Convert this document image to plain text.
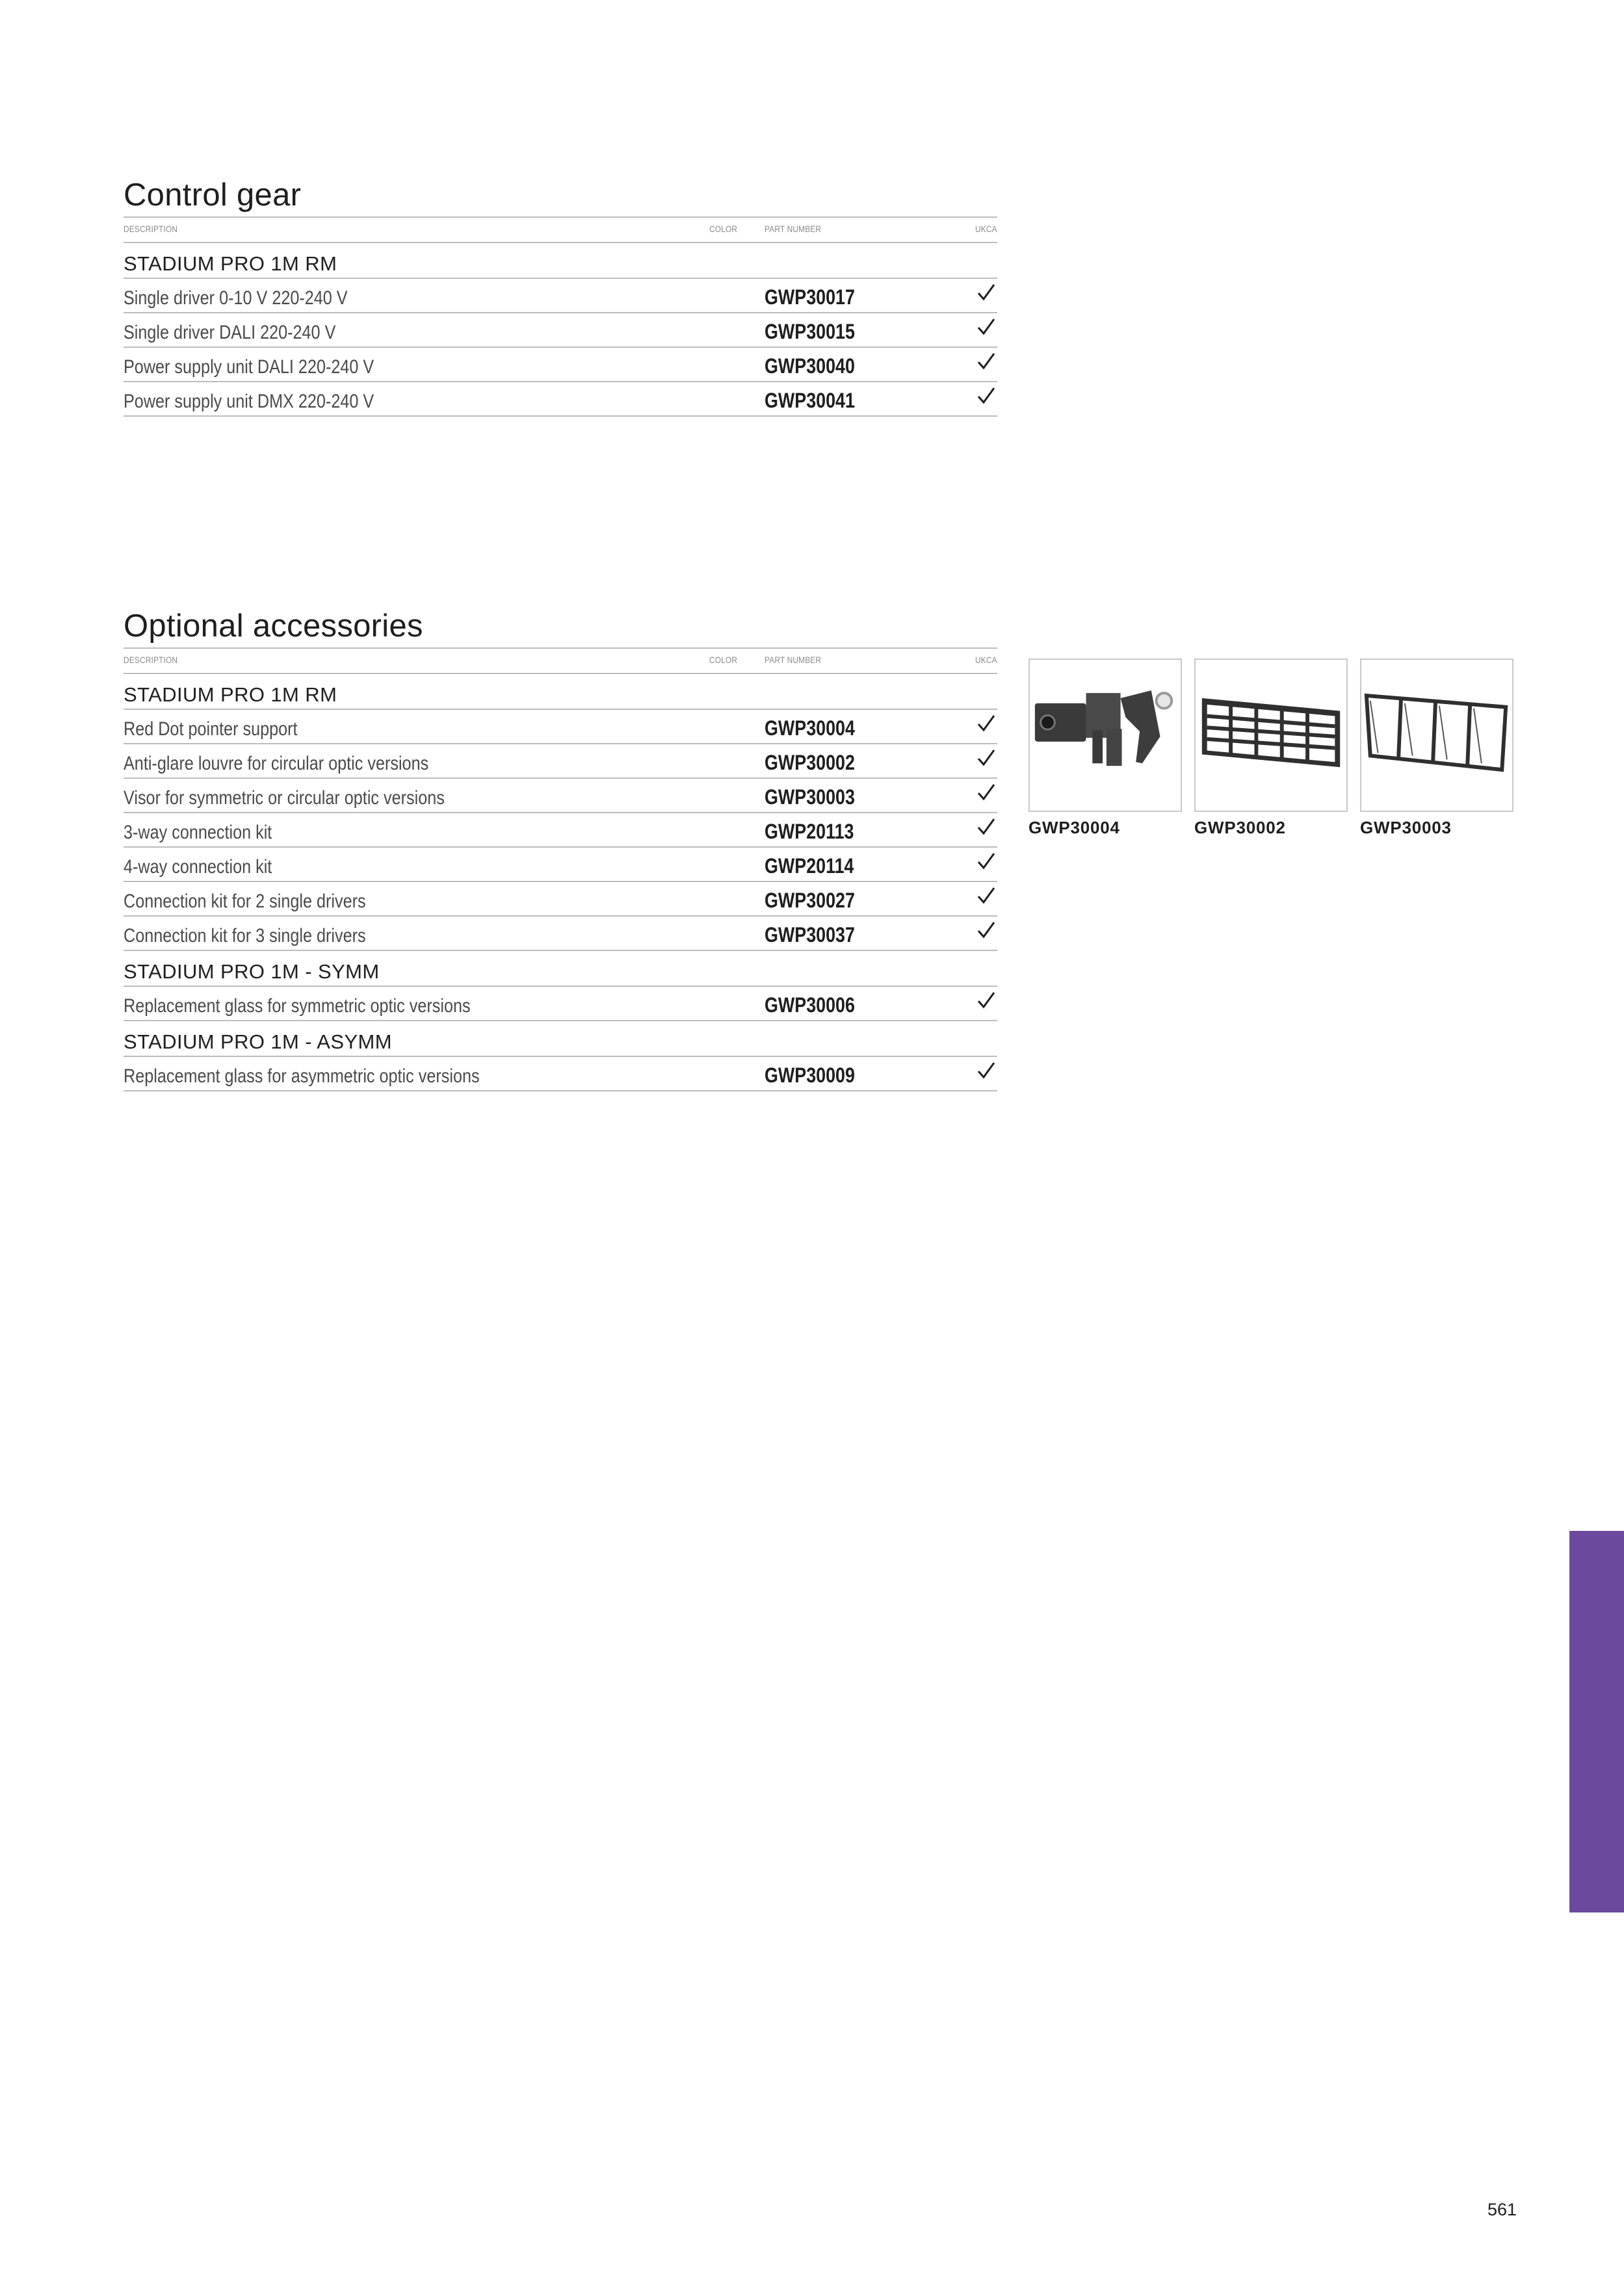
Control gear
DESCRIPTION	COLOR	PART NUMBER	UKCA
STADIUM PRO 1M RM
Single driver 0-10 V 220-240 V	GWP30017
Single driver DALI 220-240 V	GWP30015
Power supply unit DALI 220-240 V	GWP30040
Power supply unit DMX 220-240 V	GWP30041
Optional accessories
DESCRIPTION	COLOR	PART NUMBER	UKCA
STADIUM PRO 1M RM
Red Dot pointer support	GWP30004
Anti-glare louvre for circular optic versions	GWP30002
Visor for symmetric or circular optic versions	GWP30003
3-way connection kit	GWP20113
4-way connection kit	GWP20114
Connection kit for 2 single drivers	GWP30027
Connection kit for 3 single drivers	GWP30037
STADIUM PRO 1M - SYMM
Replacement glass for symmetric optic versions	GWP30006
STADIUM PRO 1M - ASYMM
Replacement glass for asymmetric optic versions	GWP30009
GWP30004	GWP30002	GWP30003
561
